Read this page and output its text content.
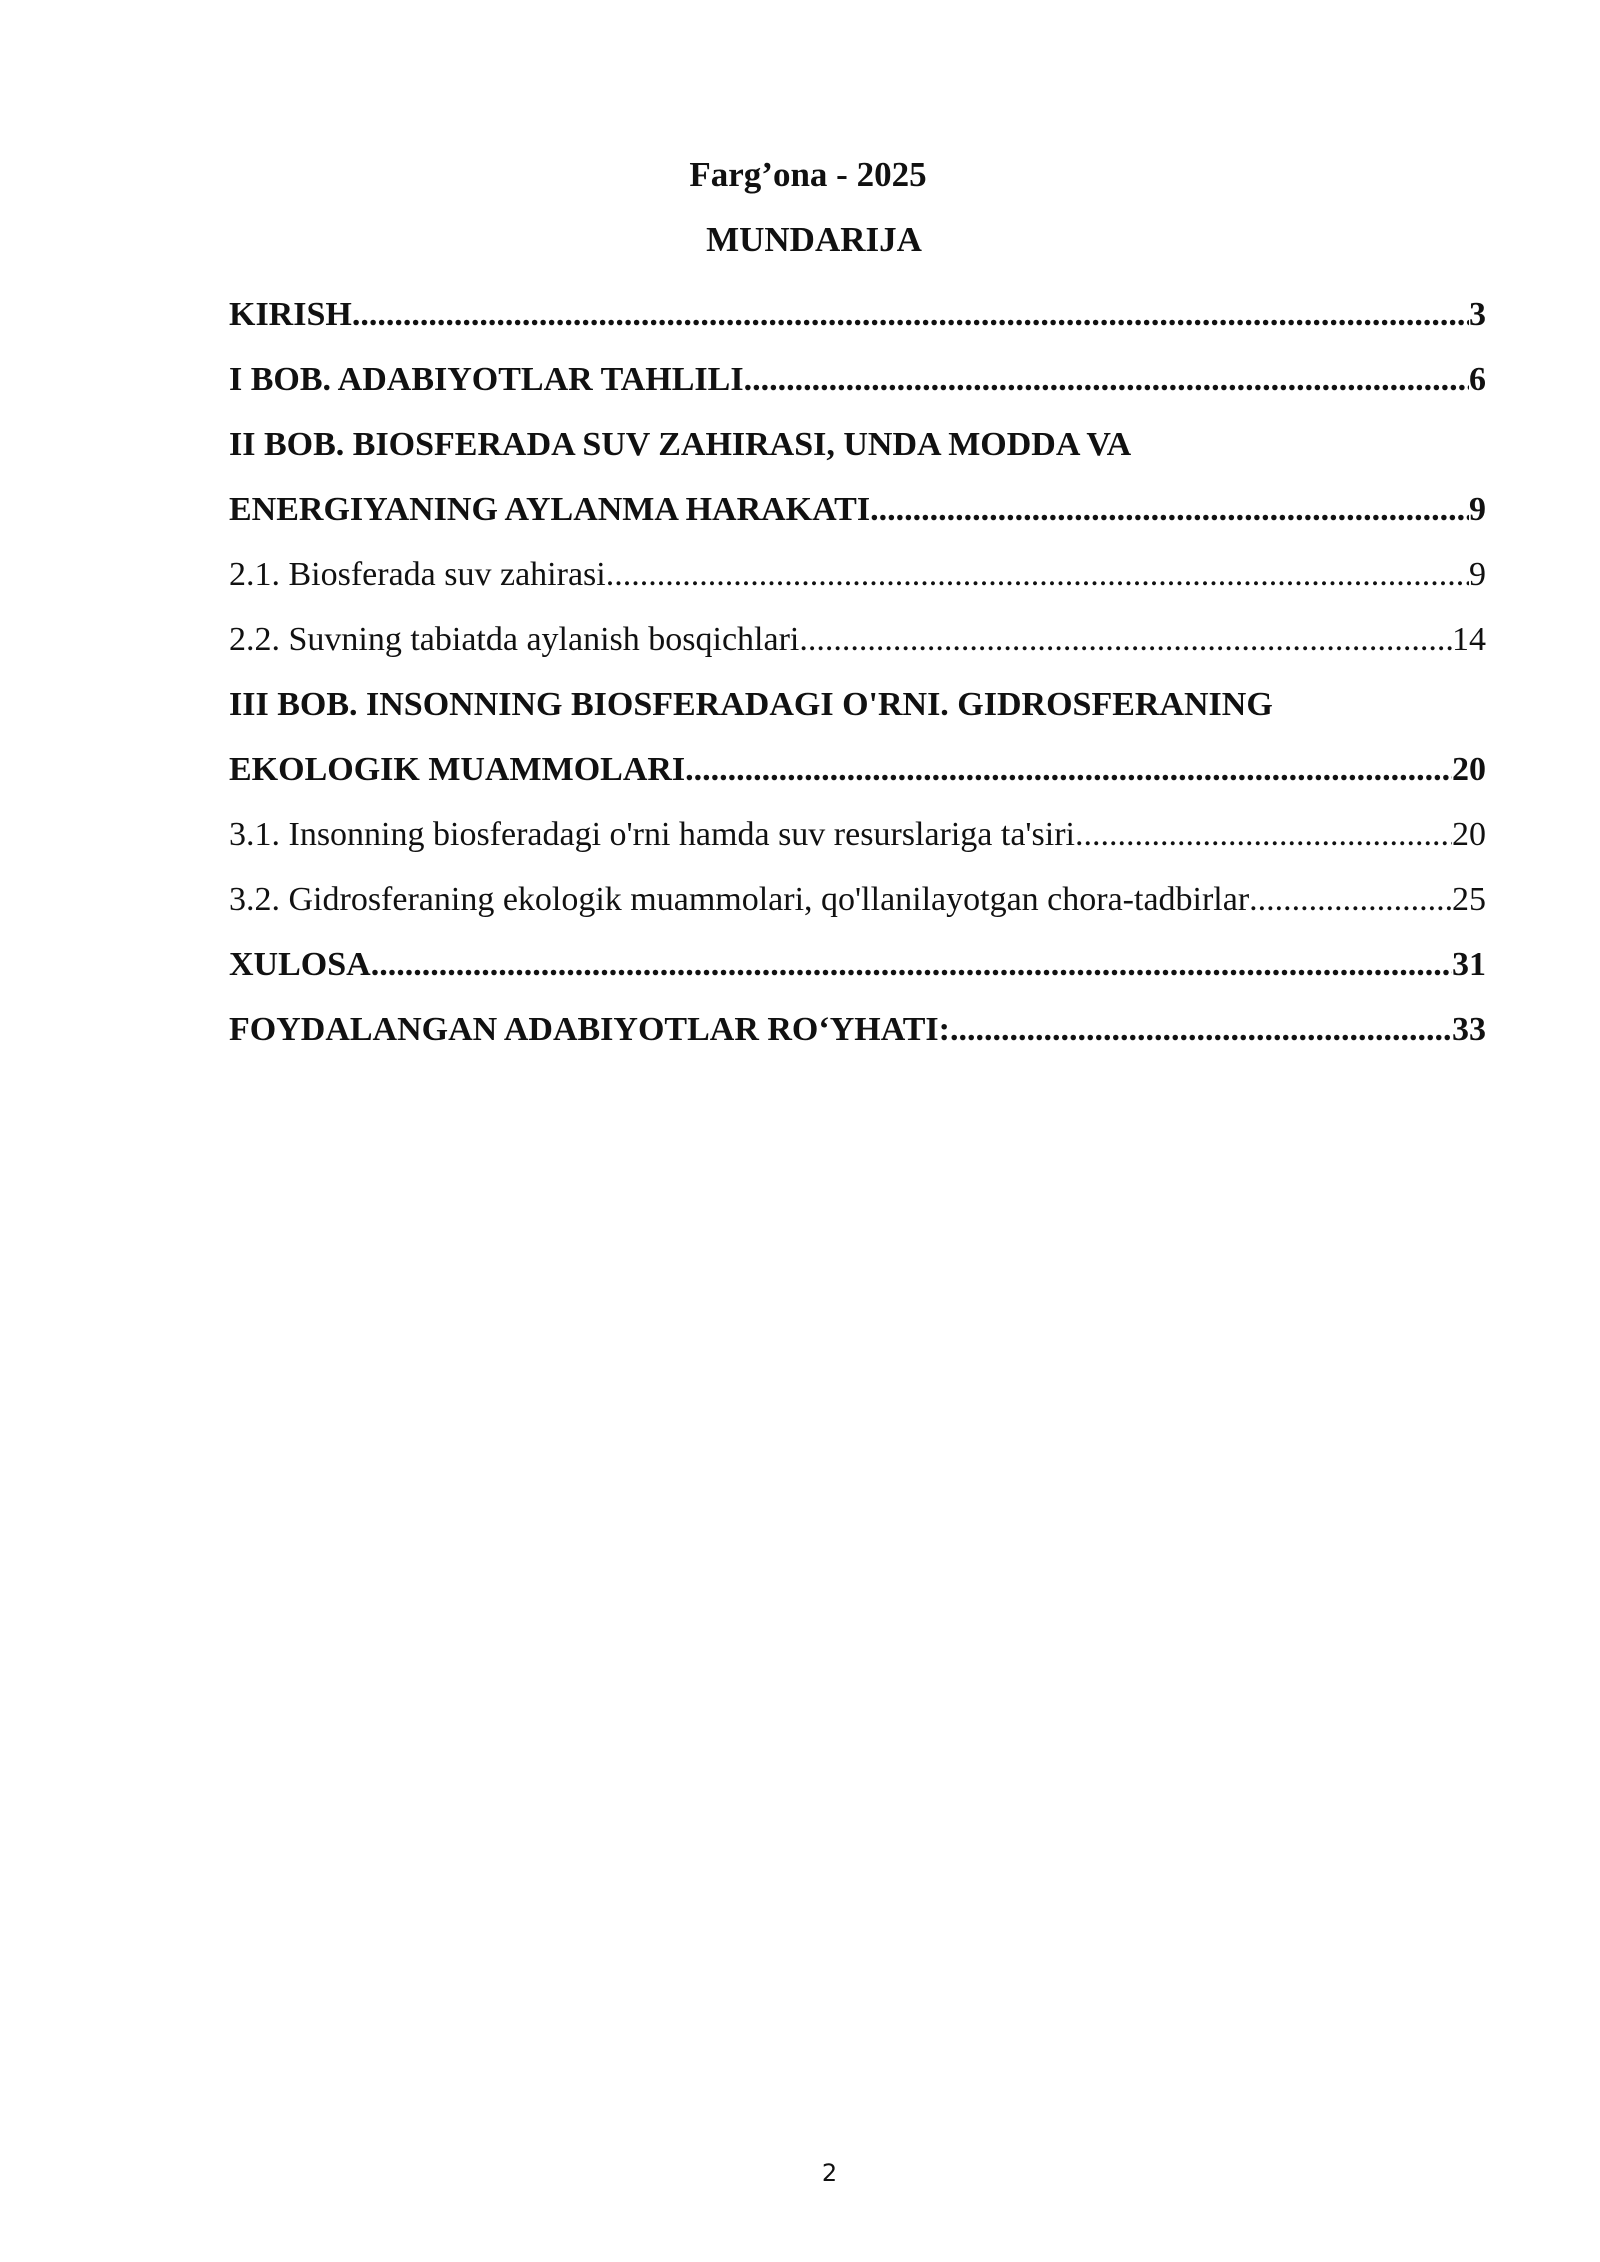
Farg’ona - 2025
MUNDARIJA
KIRISH .....	3
I BOB. ADABIYOTLAR TAHLILI .....	6
II BOB. BIOSFERADA SUV ZAHIRASI, UNDA MODDA VA
ENERGIYANING AYLANMA HARAKATI .....	9
2.1. Biosferada suv zahirasi .....	9
2.2. Suvning tabiatda aylanish bosqichlari .....	14
III BOB. INSONNING BIOSFERADAGI O'RNI. GIDROSFERANING
EKOLOGIK MUAMMOLARI .....	20
3.1. Insonning biosferadagi o'rni hamda suv resurslariga ta'siri .....	20
3.2. Gidrosferaning ekologik muammolari, qo'llanilayotgan chora-tadbirlar .....	25
XULOSA .....	31
FOYDALANGAN ADABIYOTLAR RO‘YHATI: .....	33
2
